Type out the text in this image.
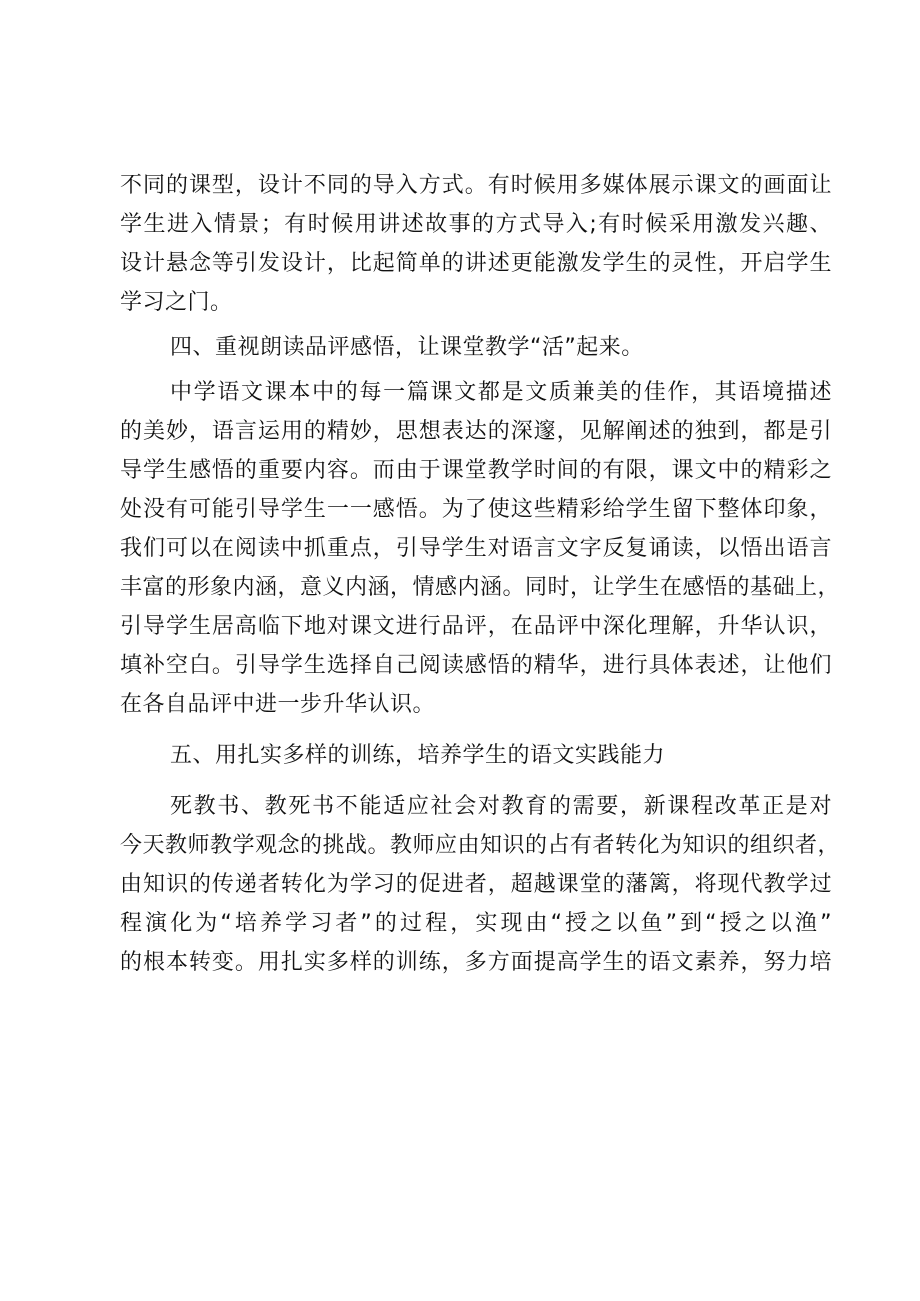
不同的课型，设计不同的导入方式。有时候用多媒体展示课文的画面让
学生进入情景；有时候用讲述故事的方式导入;有时候采用激发兴趣、
设计悬念等引发设计，比起简单的讲述更能激发学生的灵性，开启学生
学习之门。
四、重视朗读品评感悟，让课堂教学“活”起来。
中学语文课本中的每一篇课文都是文质兼美的佳作，其语境描述
的美妙，语言运用的精妙，思想表达的深邃，见解阐述的独到，都是引
导学生感悟的重要内容。而由于课堂教学时间的有限，课文中的精彩之
处没有可能引导学生一一感悟。为了使这些精彩给学生留下整体印象，
我们可以在阅读中抓重点，引导学生对语言文字反复诵读，以悟出语言
丰富的形象内涵，意义内涵，情感内涵。同时，让学生在感悟的基础上，
引导学生居高临下地对课文进行品评，在品评中深化理解，升华认识，
填补空白。引导学生选择自己阅读感悟的精华，进行具体表述，让他们
在各自品评中进一步升华认识。
五、用扎实多样的训练，培养学生的语文实践能力
死教书、教死书不能适应社会对教育的需要，新课程改革正是对
今天教师教学观念的挑战。教师应由知识的占有者转化为知识的组织者，
由知识的传递者转化为学习的促进者，超越课堂的藩篱，将现代教学过
程演化为“培养学习者”的过程，实现由“授之以鱼”到“授之以渔”
的根本转变。用扎实多样的训练，多方面提高学生的语文素养，努力培
